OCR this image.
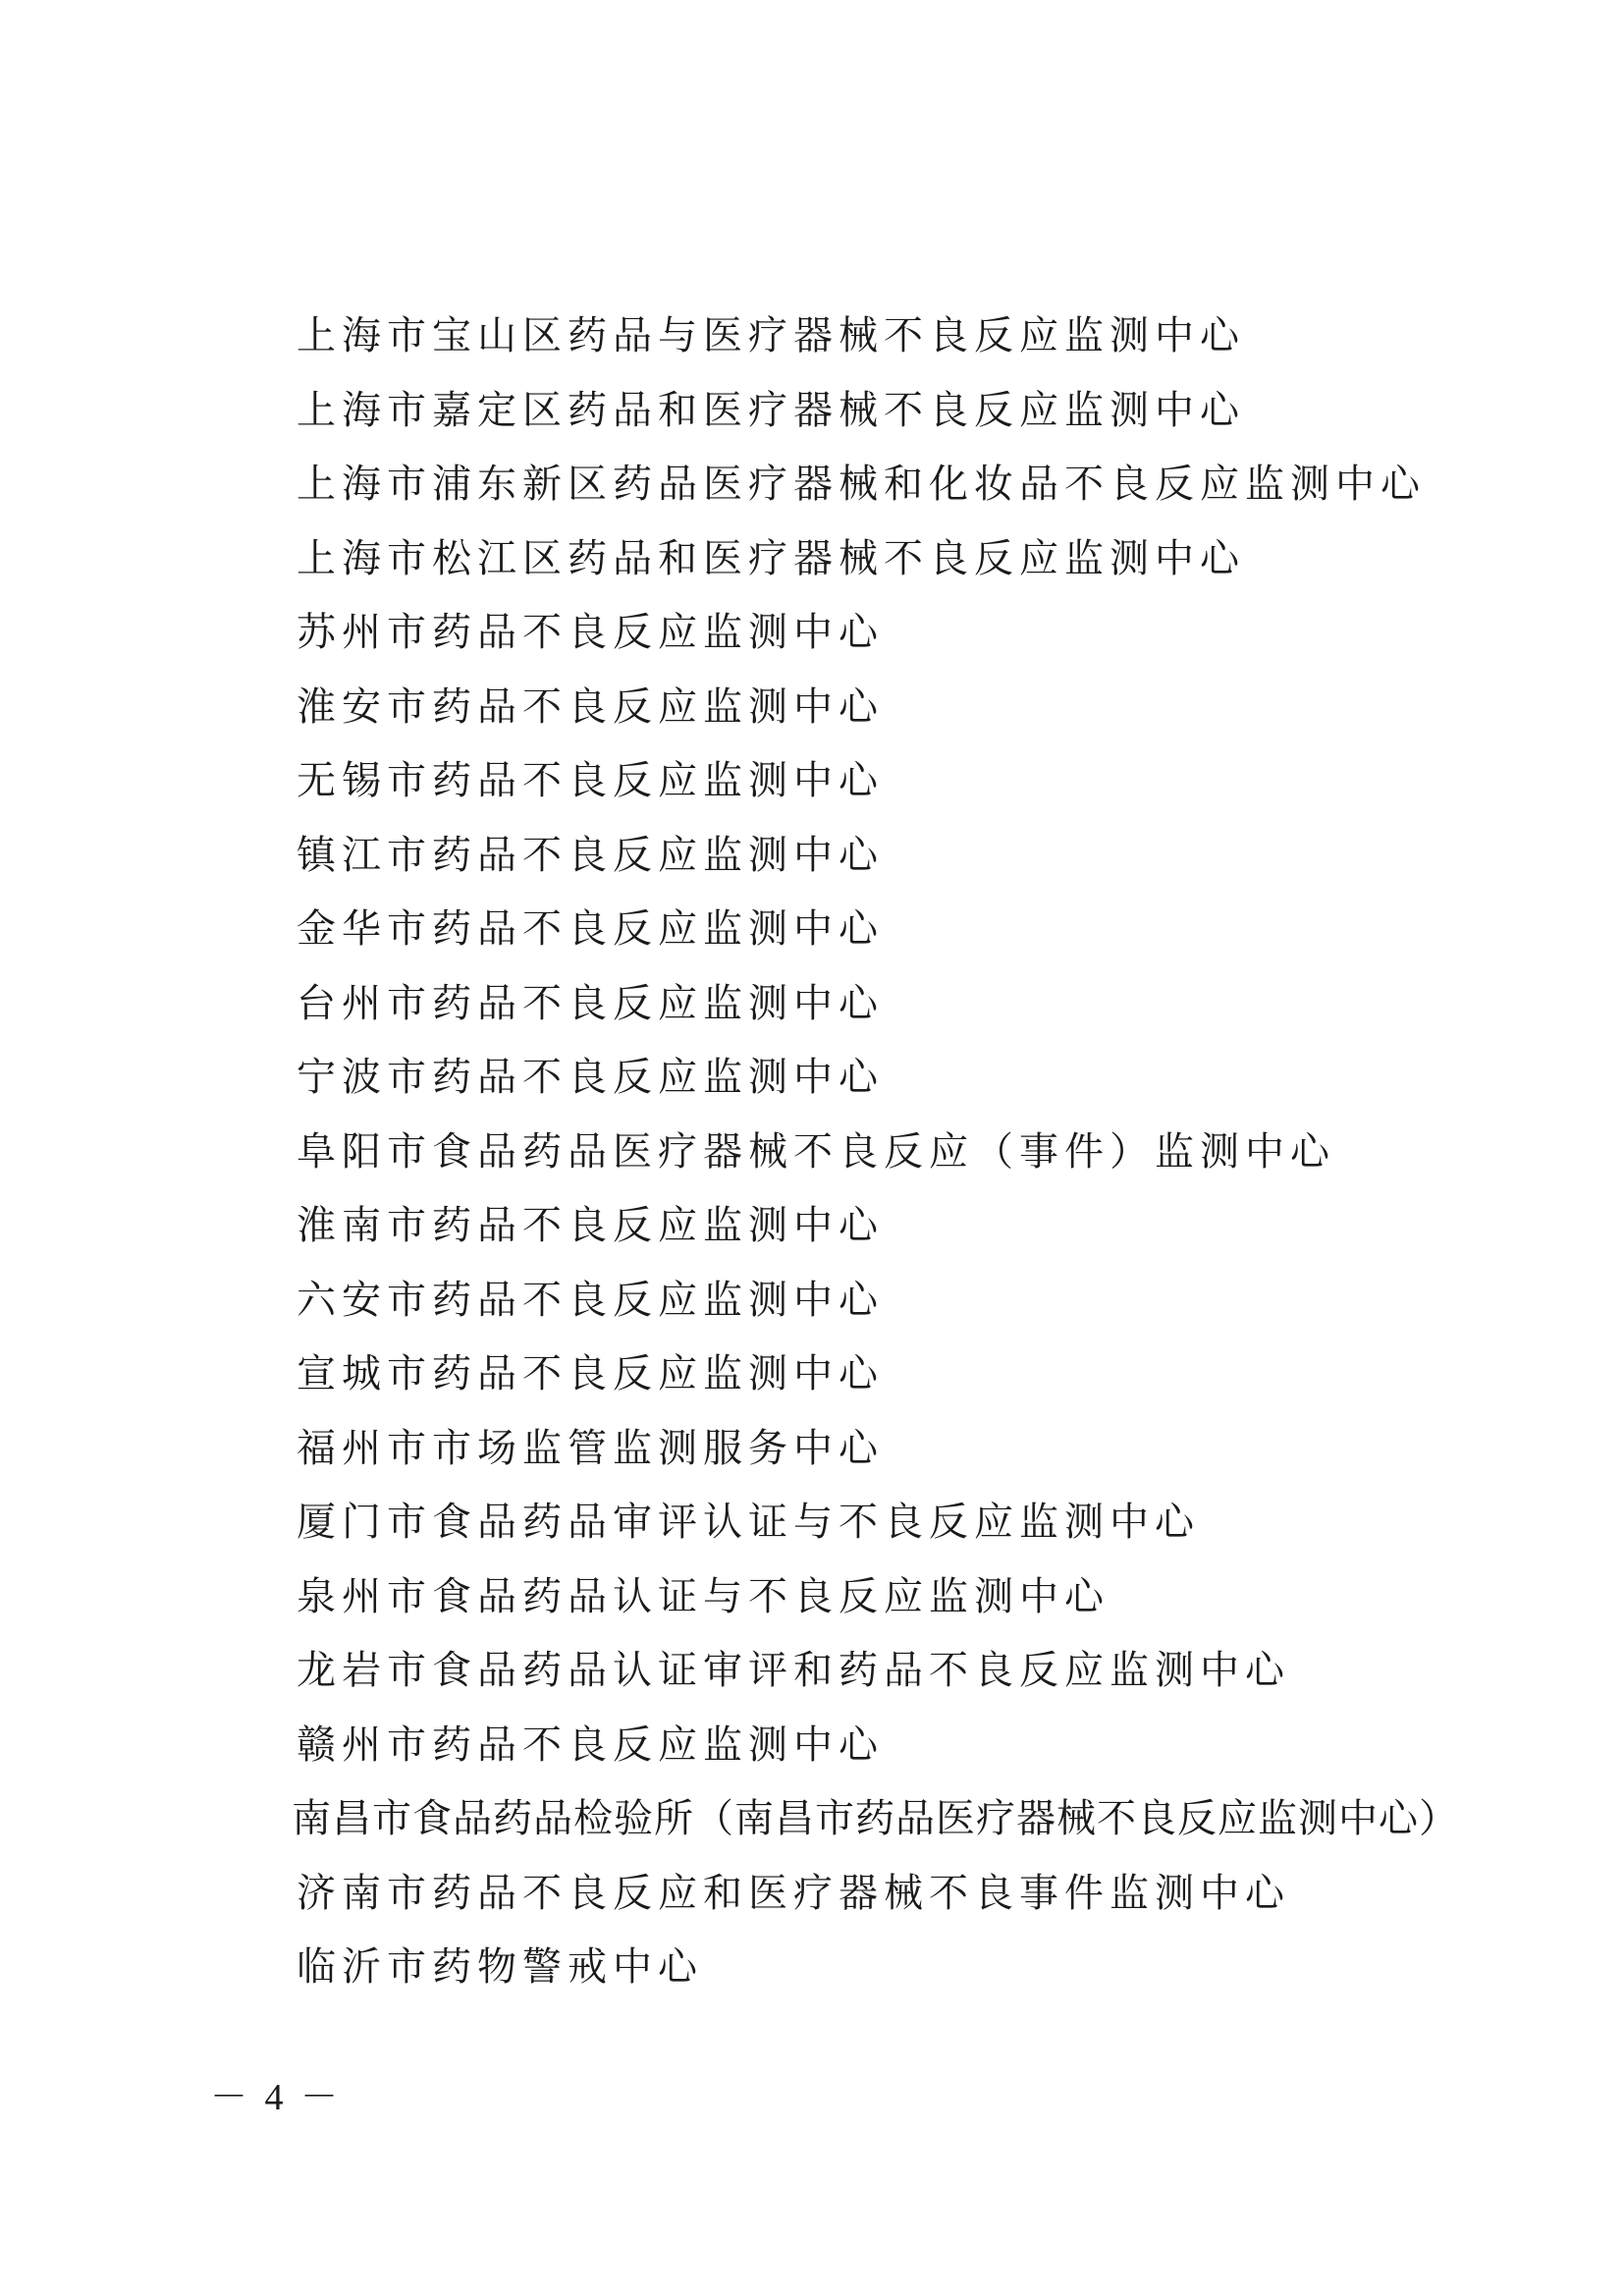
上海市宝山区药品与医疗器械不良反应监测中心
上海市嘉定区药品和医疗器械不良反应监测中心
上海市浦东新区药品医疗器械和化妆品不良反应监测中心
上海市松江区药品和医疗器械不良反应监测中心
苏州市药品不良反应监测中心
淮安市药品不良反应监测中心
无锡市药品不良反应监测中心
镇江市药品不良反应监测中心
金华市药品不良反应监测中心
台州市药品不良反应监测中心
宁波市药品不良反应监测中心
阜阳市食品药品医疗器械不良反应（事件）监测中心
淮南市药品不良反应监测中心
六安市药品不良反应监测中心
宣城市药品不良反应监测中心
福州市市场监管监测服务中心
厦门市食品药品审评认证与不良反应监测中心
泉州市食品药品认证与不良反应监测中心
龙岩市食品药品认证审评和药品不良反应监测中心
赣州市药品不良反应监测中心
南昌市食品药品检验所（南昌市药品医疗器械不良反应监测中心）
济南市药品不良反应和医疗器械不良事件监测中心
临沂市药物警戒中心
－ 4 －
